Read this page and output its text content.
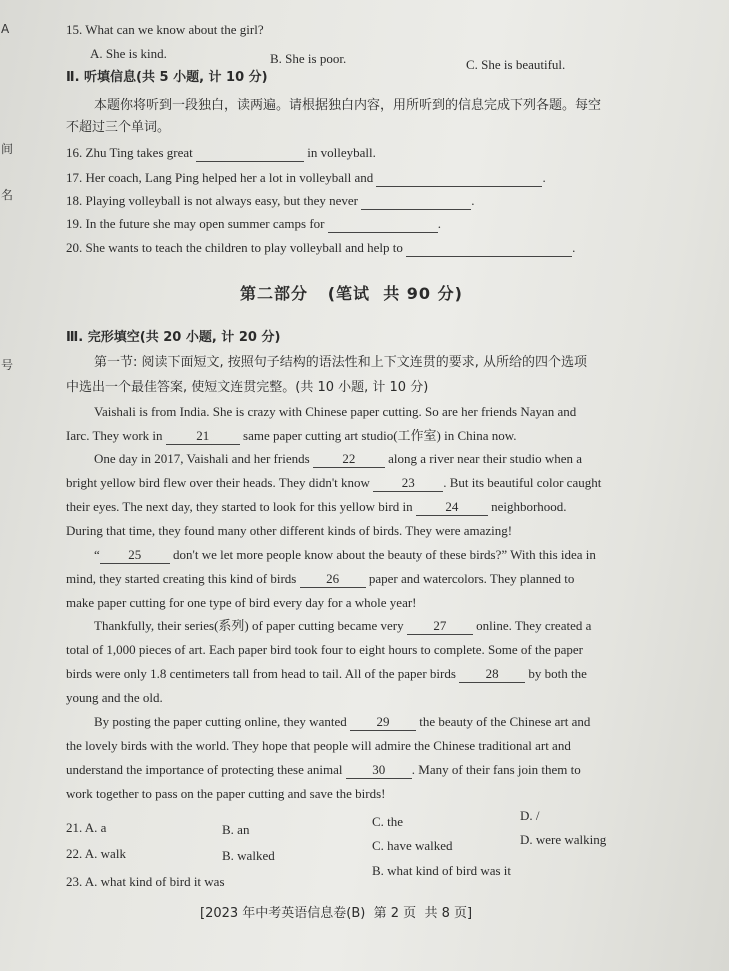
A
间
名
号
15. What can we know about the girl?
A. She is kind.	B. She is poor.	C. She is beautiful.
Ⅱ. 听填信息(共 5 小题, 计 10 分)
本题你将听到一段独白，读两遍。请根据独白内容，用所听到的信息完成下列各题。每空
不超过三个单词。
16. Zhu Ting takes great	in volleyball.
17. Her coach, Lang Ping helped her a lot in volleyball and	.
18. Playing volleyball is not always easy, but they never	.
19. In the future she may open summer camps for	.
20. She wants to teach the children to play volleyball and help to	.
第二部分 (笔试 共 90 分)
Ⅲ. 完形填空(共 20 小题, 计 20 分)
第一节: 阅读下面短文, 按照句子结构的语法性和上下文连贯的要求, 从所给的四个选项
中选出一个最佳答案, 使短文连贯完整。(共 10 小题, 计 10 分)
Vaishali is from India. She is crazy with Chinese paper cutting. So are her friends Nayan and
Iarc. They work in	21	same paper cutting art studio(工作室) in China now.
One day in 2017, Vaishali and her friends	22	along a river near their studio when a
bright yellow bird flew over their heads. They didn't know 23 . But its beautiful color caught
their eyes. The next day, they started to look for this yellow bird in	24	neighborhood.
During that time, they found many other different kinds of birds. They were amazing!
“ 25 don't we let more people know about the beauty of these birds?” With this idea in
mind, they started creating this kind of birds 26 paper and watercolors. They planned to
make paper cutting for one type of bird every day for a whole year!
Thankfully, their series(系列) of paper cutting became very 27 online. They created a
total of 1,000 pieces of art. Each paper bird took four to eight hours to complete. Some of the paper
birds were only 1.8 centimeters tall from head to tail. All of the paper birds 28 by both the
young and the old.
By posting the paper cutting online, they wanted 29 the beauty of the Chinese art and
the lovely birds with the world. They hope that people will admire the Chinese traditional art and
understand the importance of protecting these animal 30 . Many of their fans join them to
work together to pass on the paper cutting and save the birds!
21. A. a	B. an
C. the	D. /
22. A. walk	B. walked
C. have walked	D. were walking
23. A. what kind of bird it was
B. what kind of bird was it
[2023 年中考英语信息卷(B) 第 2 页 共 8 页]
